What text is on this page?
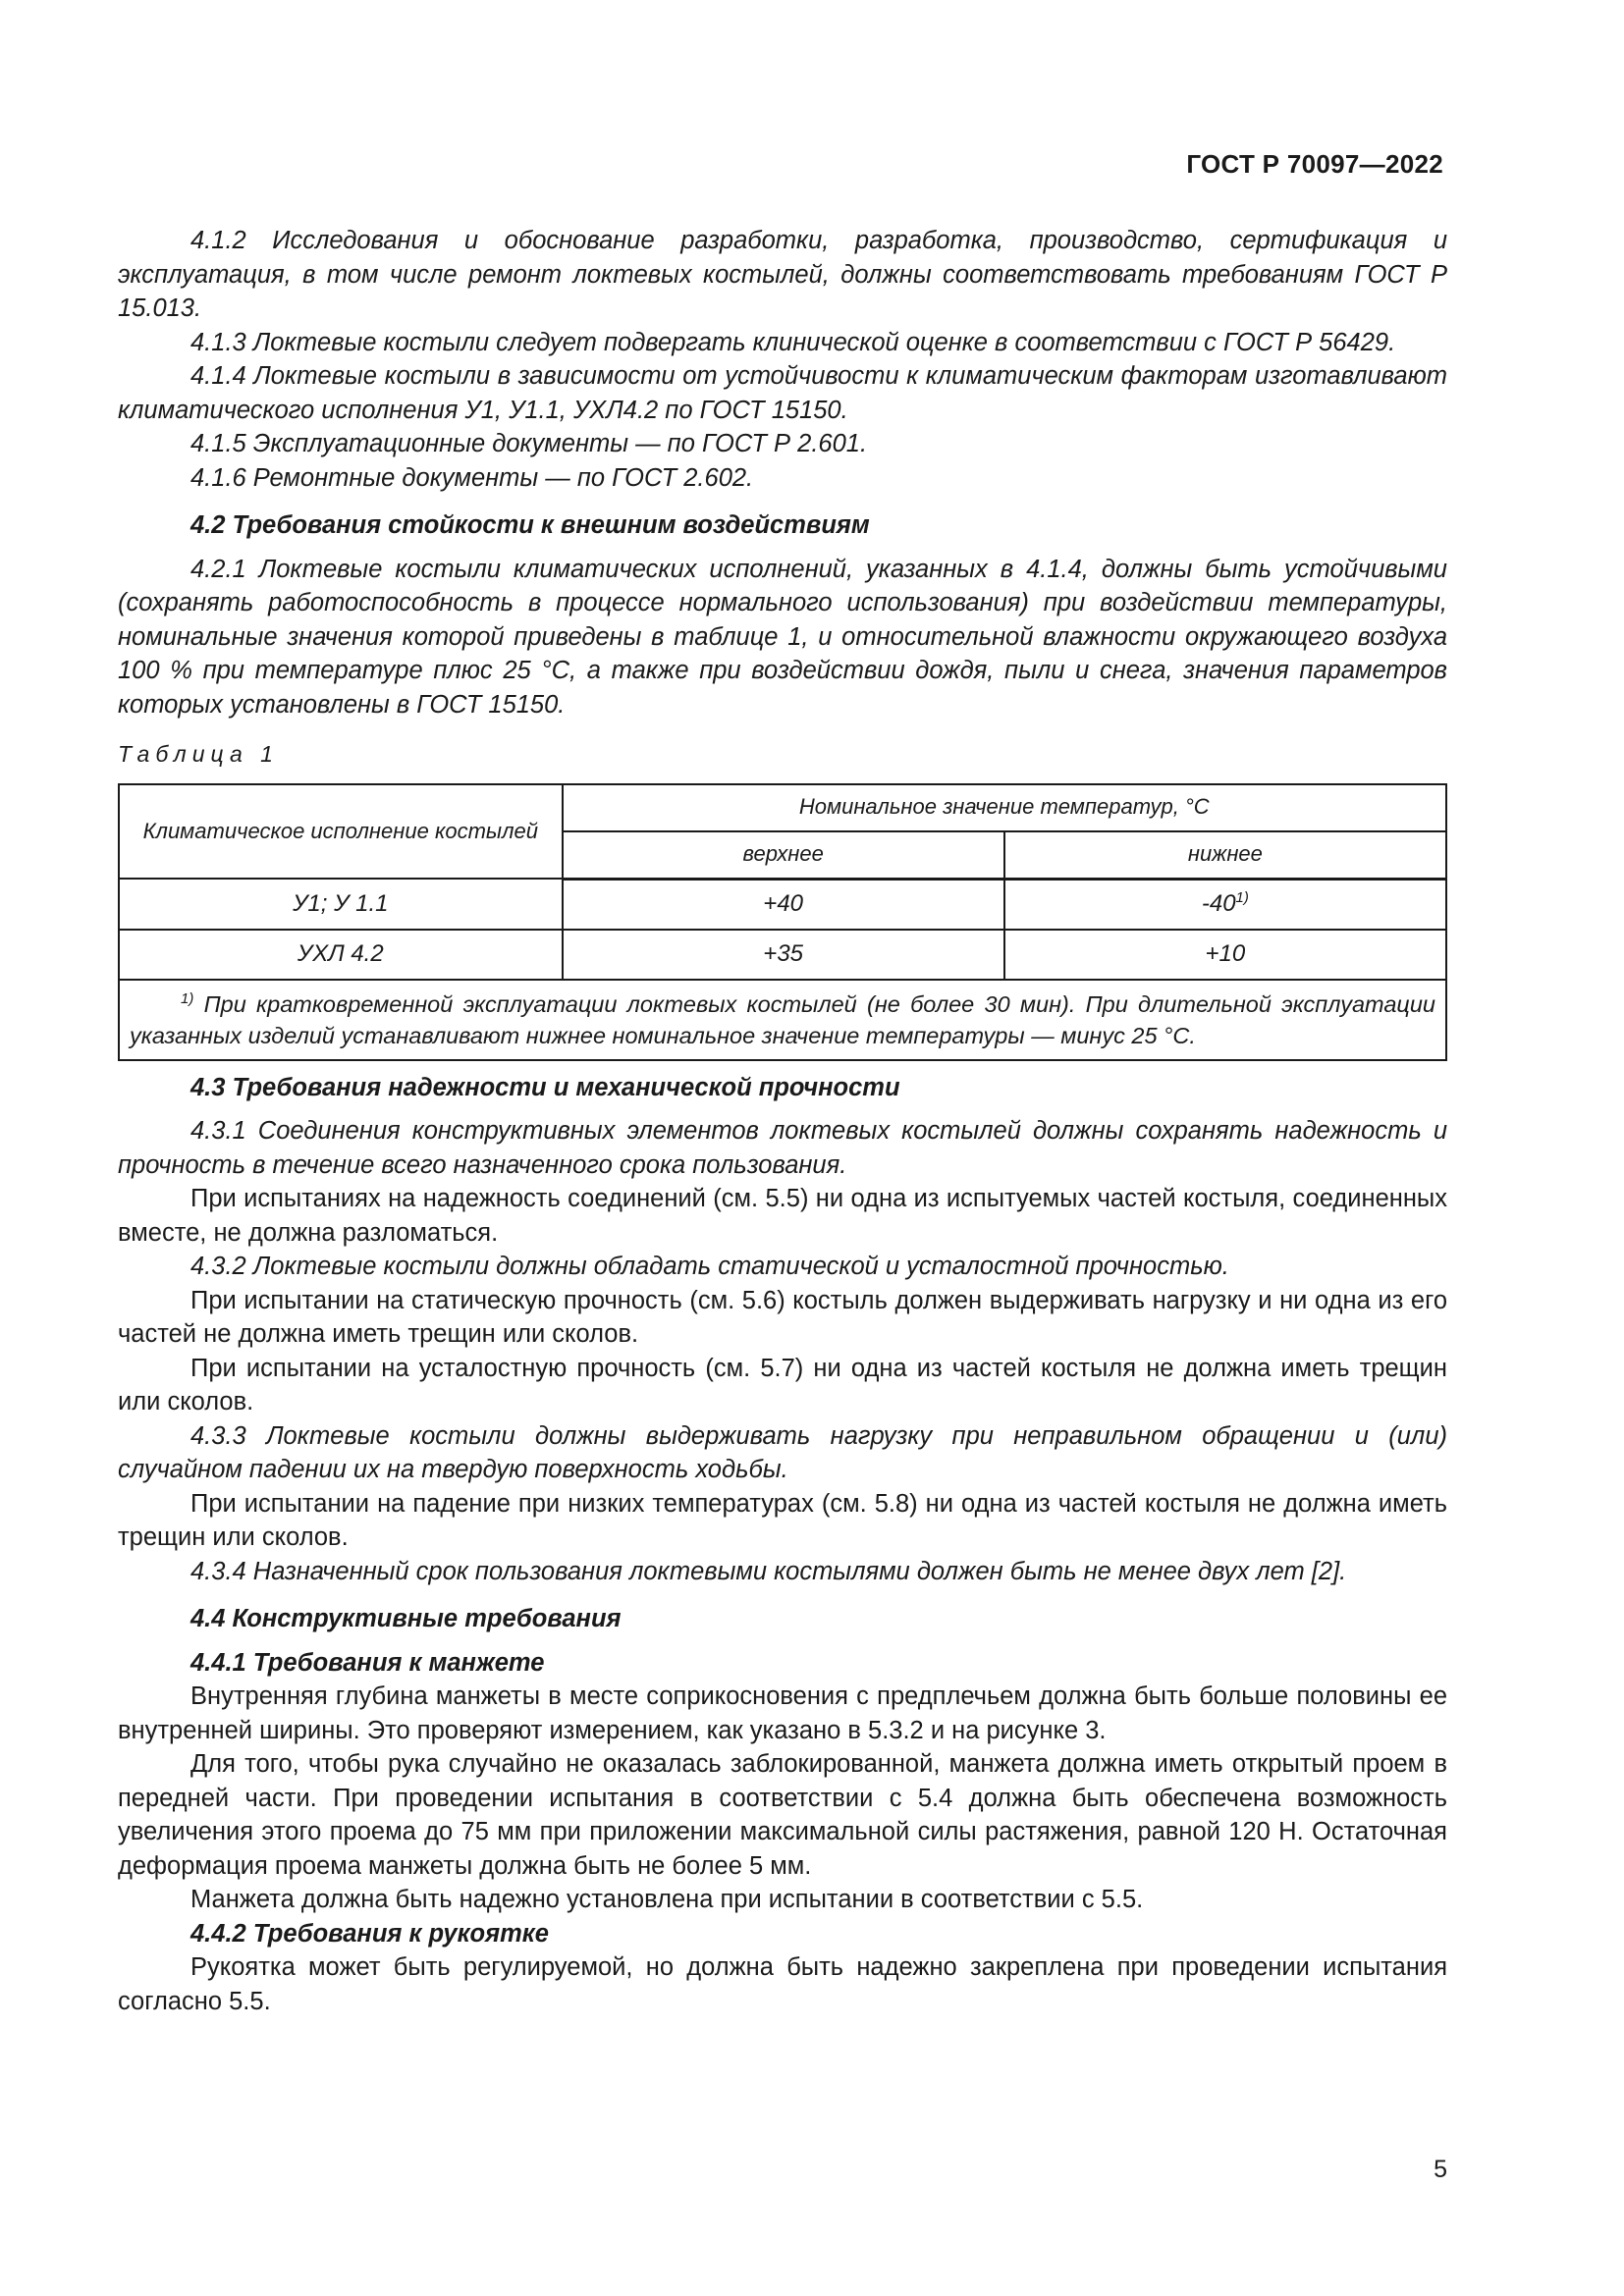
ГОСТ Р 70097—2022

4.1.2 Исследования и обоснование разработки, разработка, производство, сертификация и эксплуатация, в том числе ремонт локтевых костылей, должны соответствовать требованиям ГОСТ Р 15.013.

4.1.3 Локтевые костыли следует подвергать клинической оценке в соответствии с ГОСТ Р 56429.

4.1.4 Локтевые костыли в зависимости от устойчивости к климатическим факторам изготавливают климатического исполнения У1, У1.1, УХЛ4.2 по ГОСТ 15150.

4.1.5 Эксплуатационные документы — по ГОСТ Р 2.601.

4.1.6 Ремонтные документы — по ГОСТ 2.602.

4.2 Требования стойкости к внешним воздействиям

4.2.1 Локтевые костыли климатических исполнений, указанных в 4.1.4, должны быть устойчивыми (сохранять работоспособность в процессе нормального использования) при воздействии температуры, номинальные значения которой приведены в таблице 1, и относительной влажности окружающего воздуха 100 % при температуре плюс 25 °С, а также при воздействии дождя, пыли и снега, значения параметров которых установлены в ГОСТ 15150.

Таблица 1
Климатическое исполнение костылей	Номинальное значение температур, °С	
	верхнее	нижнее
У1; У 1.1	+40	-40$^{1)}$
УХЛ 4.2	+35	+10
$^{1)}$ При кратковременной эксплуатации локтевых костылей (не более 30 мин). При длительной эксплуатации указанных изделий устанавливают нижнее номинальное значение температуры — минус 25 °С.		

4.3 Требования надежности и механической прочности

4.3.1 Соединения конструктивных элементов локтевых костылей должны сохранять надежность и прочность в течение всего назначенного срока пользования.

При испытаниях на надежность соединений (см. 5.5) ни одна из испытуемых частей костыля, соединенных вместе, не должна разломаться.

4.3.2 Локтевые костыли должны обладать статической и усталостной прочностью.

При испытании на статическую прочность (см. 5.6) костыль должен выдерживать нагрузку и ни одна из его частей не должна иметь трещин или сколов.

При испытании на усталостную прочность (см. 5.7) ни одна из частей костыля не должна иметь трещин или сколов.

4.3.3 Локтевые костыли должны выдерживать нагрузку при неправильном обращении и (или) случайном падении их на твердую поверхность ходьбы.

При испытании на падение при низких температурах (см. 5.8) ни одна из частей костыля не должна иметь трещин или сколов.

4.3.4 Назначенный срок пользования локтевыми костылями должен быть не менее двух лет [2].

4.4 Конструктивные требования

4.4.1 Требования к манжете

Внутренняя глубина манжеты в месте соприкосновения с предплечьем должна быть больше половины ее внутренней ширины. Это проверяют измерением, как указано в 5.3.2 и на рисунке 3.

Для того, чтобы рука случайно не оказалась заблокированной, манжета должна иметь открытый проем в передней части. При проведении испытания в соответствии с 5.4 должна быть обеспечена возможность увеличения этого проема до 75 мм при приложении максимальной силы растяжения, равной 120 Н. Остаточная деформация проема манжеты должна быть не более 5 мм.

Манжета должна быть надежно установлена при испытании в соответствии с 5.5.

4.4.2 Требования к рукоятке

Рукоятка может быть регулируемой, но должна быть надежно закреплена при проведении испытания согласно 5.5.

5
